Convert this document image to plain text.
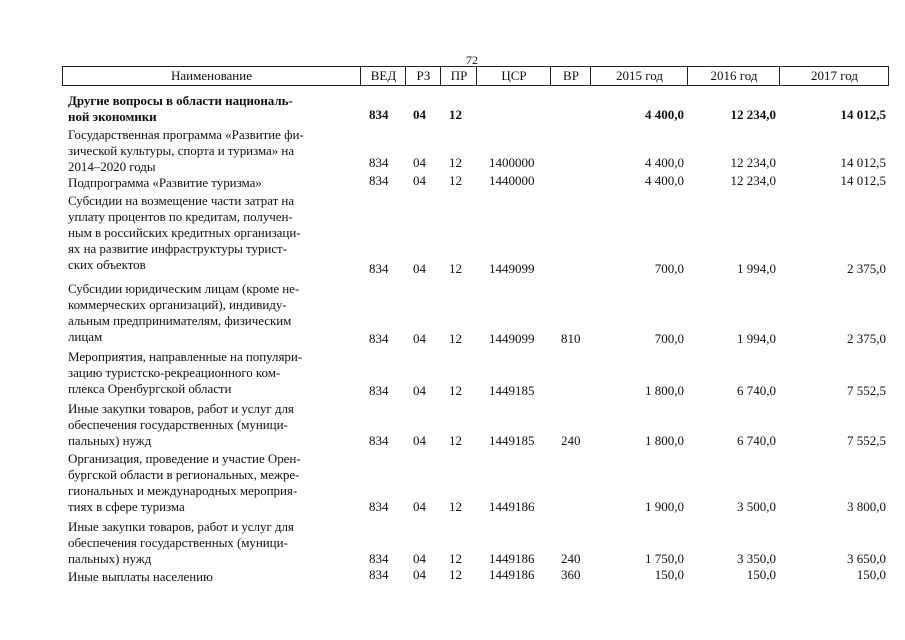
72
Наименование	ВЕД	РЗ	ПР	ЦСР	ВР	2015 год	2016 год	2017 год
Другие вопросы в области националь-
ной экономики	834 04 12	4 400,0	12 234,0	14 012,5
Государственная программа «Развитие фи-
зической культуры, спорта и туризма» на
2014–2020 годы	834 04 12 1400000	4 400,0	12 234,0	14 012,5
Подпрограмма «Развитие туризма»	834 04 12 1440000	4 400,0	12 234,0	14 012,5
Субсидии на возмещение части затрат на
уплату процентов по кредитам, получен-
ным в российских кредитных организаци-
ях на развитие инфраструктуры турист-
ских объектов	834 04 12 1449099	700,0	1 994,0	2 375,0
Субсидии юридическим лицам (кроме не-
коммерческих организаций), индивиду-
альным предпринимателям, физическим
лицам	834 04 12 1449099 810	700,0	1 994,0	2 375,0
Мероприятия, направленные на популяри-
зацию туристско-рекреационного ком-
плекса Оренбургской области	834 04 12 1449185	1 800,0	6 740,0	7 552,5
Иные закупки товаров, работ и услуг для
обеспечения государственных (муници-
пальных) нужд	834 04 12 1449185 240	1 800,0	6 740,0	7 552,5
Организация, проведение и участие Орен-
бургской области в региональных, межре-
гиональных и международных мероприя-
тиях в сфере туризма	834 04 12 1449186	1 900,0	3 500,0	3 800,0
Иные закупки товаров, работ и услуг для
обеспечения государственных (муници-
пальных) нужд	834 04 12 1449186 240	1 750,0	3 350,0	3 650,0
Иные выплаты населению	834 04 12 1449186 360	150,0	150,0	150,0
